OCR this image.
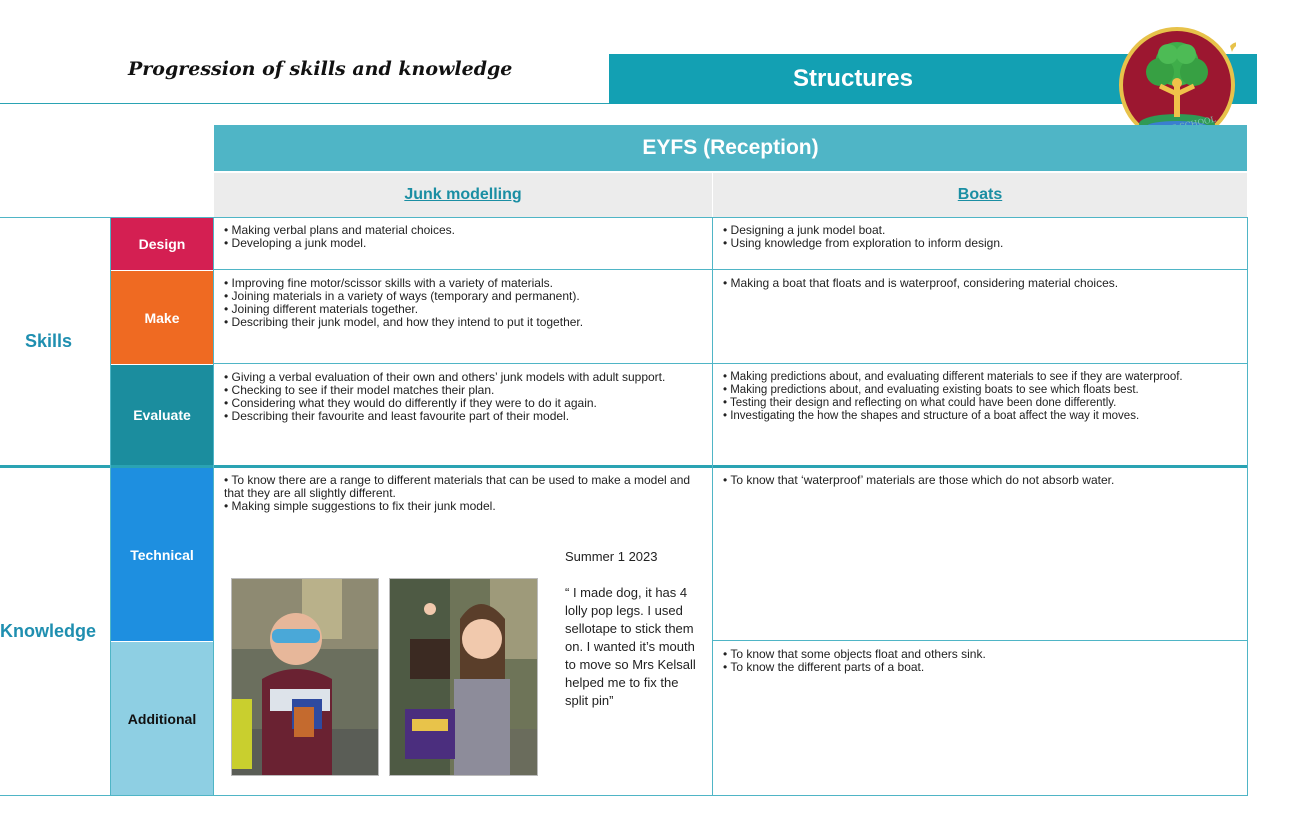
Progression of skills and knowledge	Structures
EYFS (Reception)
Junk modelling	Boats
Skills
Knowledge
Design
Make
Evaluate
Technical
Additional
• Making verbal plans and material choices.
• Developing a junk model.
• Designing a junk model boat.
• Using knowledge from exploration to inform design.
• Improving fine motor/scissor skills with a variety of materials.
• Joining materials in a variety of ways (temporary and permanent).
• Joining different materials together.
• Describing their junk model, and how they intend to put it together.
• Making a boat that floats and is waterproof, considering material choices.
• Giving a verbal evaluation of their own and others’ junk models with adult support.
• Checking to see if their model matches their plan.
• Considering what they would do differently if they were to do it again.
• Describing their favourite and least favourite part of their model.
• Making predictions about, and evaluating different materials to see if they are waterproof.
• Making predictions about, and evaluating existing boats to see which floats best.
• Testing their design and reflecting on what could have been done differently.
• Investigating the how the shapes and structure of a boat affect the way it moves.
• To know there are a range to different materials that can be used to make a model and that they are all slightly different.
• Making simple suggestions to fix their junk model.
• To know that ‘waterproof’ materials are those which do not absorb water.
• To know that some objects float and others sink.
• To know the different parts of a boat.
Summer 1 2023
“ I made dog, it has 4 lolly pop legs. I used sellotape to stick them on. I wanted it’s mouth to move so Mrs Kelsall helped me to fix the split pin”
